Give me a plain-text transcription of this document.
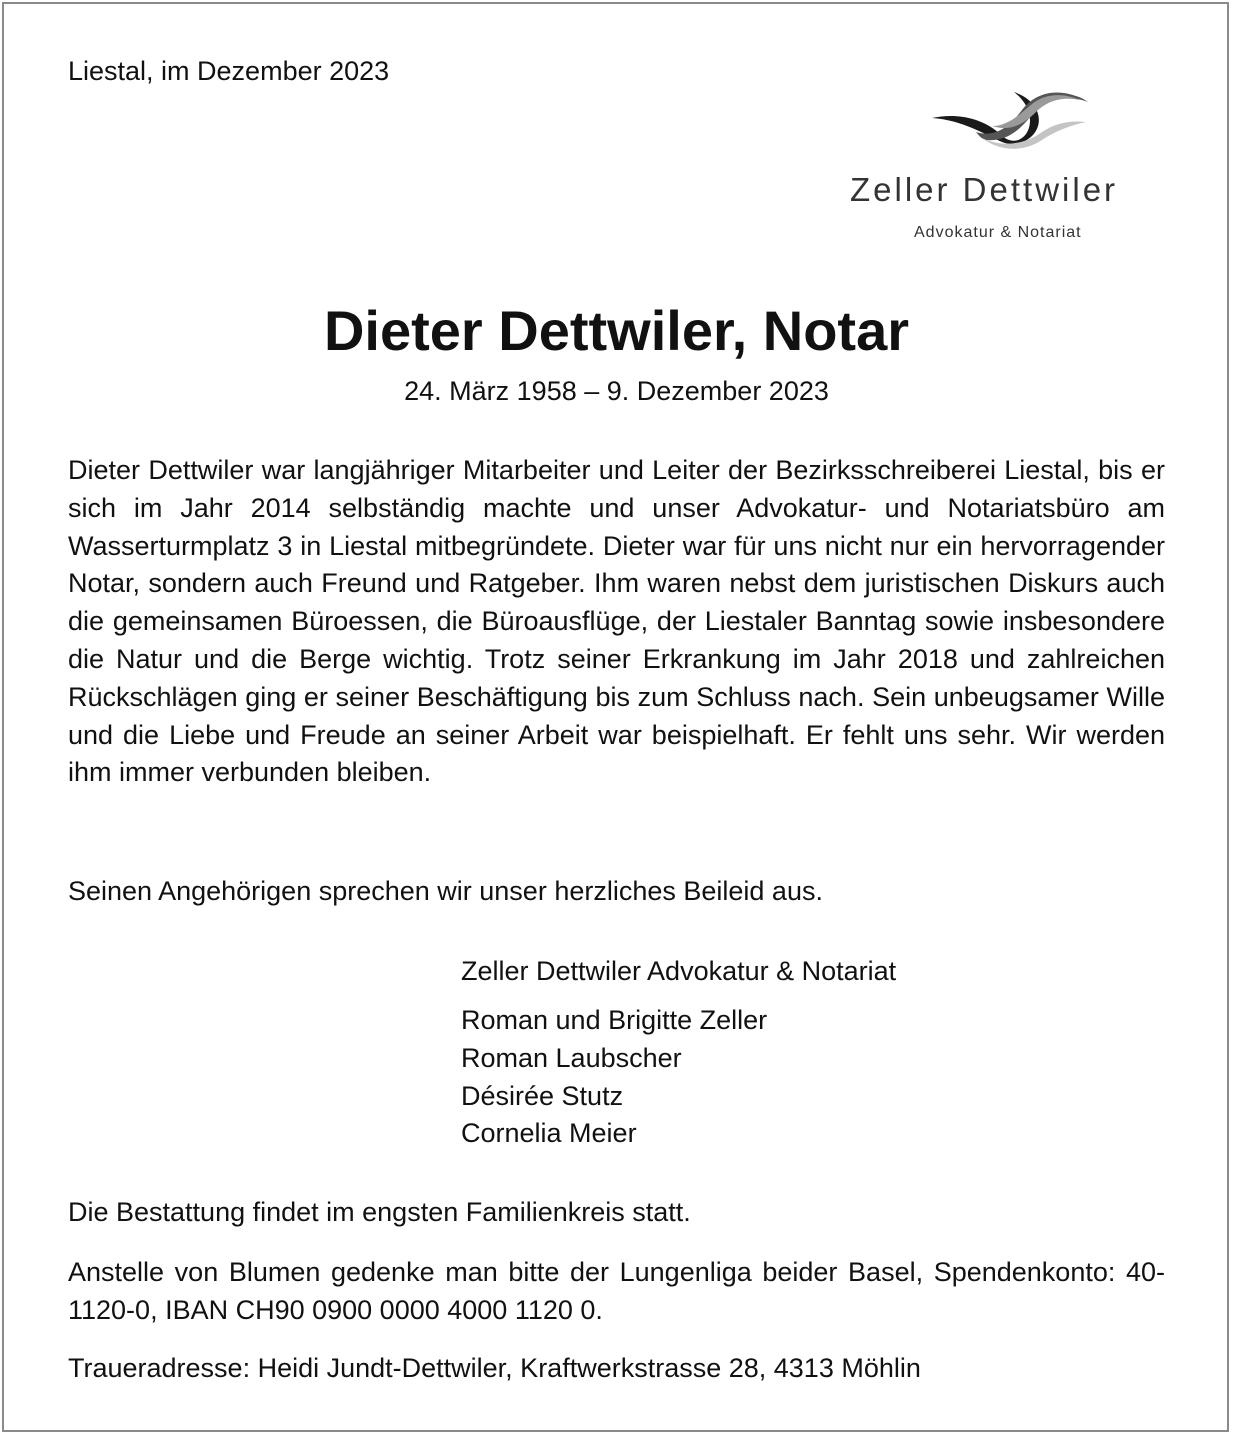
Liestal, im Dezember 2023
Zeller Dettwiler
Advokatur & Notariat
Dieter Dettwiler, Notar
24. März 1958 – 9. Dezember 2023
Dieter Dettwiler war langjähriger Mitarbeiter und Leiter der Bezirksschreiberei Liestal, bis er sich im Jahr 2014 selbständig machte und unser Advokatur- und Notariatsbüro am Wasserturmplatz 3 in Liestal mitbegründete. Dieter war für uns nicht nur ein hervorragender Notar, sondern auch Freund und Ratgeber. Ihm waren nebst dem juristischen Diskurs auch die gemeinsamen Büroessen, die Büroausflüge, der Liestaler Banntag sowie insbesondere die Natur und die Berge wichtig. Trotz seiner Erkrankung im Jahr 2018 und zahlreichen Rückschlägen ging er seiner Beschäftigung bis zum Schluss nach. Sein unbeugsamer Wille und die Liebe und Freude an seiner Arbeit war beispielhaft. Er fehlt uns sehr. Wir werden ihm immer verbunden bleiben.
Seinen Angehörigen sprechen wir unser herzliches Beileid aus.
Zeller Dettwiler Advokatur & Notariat
Roman und Brigitte Zeller
Roman Laubscher
Désirée Stutz
Cornelia Meier
Die Bestattung findet im engsten Familienkreis statt.
Anstelle von Blumen gedenke man bitte der Lungenliga beider Basel, Spendenkonto: 40-1120-0, IBAN CH90 0900 0000 4000 1120 0.
Traueradresse: Heidi Jundt-Dettwiler, Kraftwerkstrasse 28, 4313 Möhlin
